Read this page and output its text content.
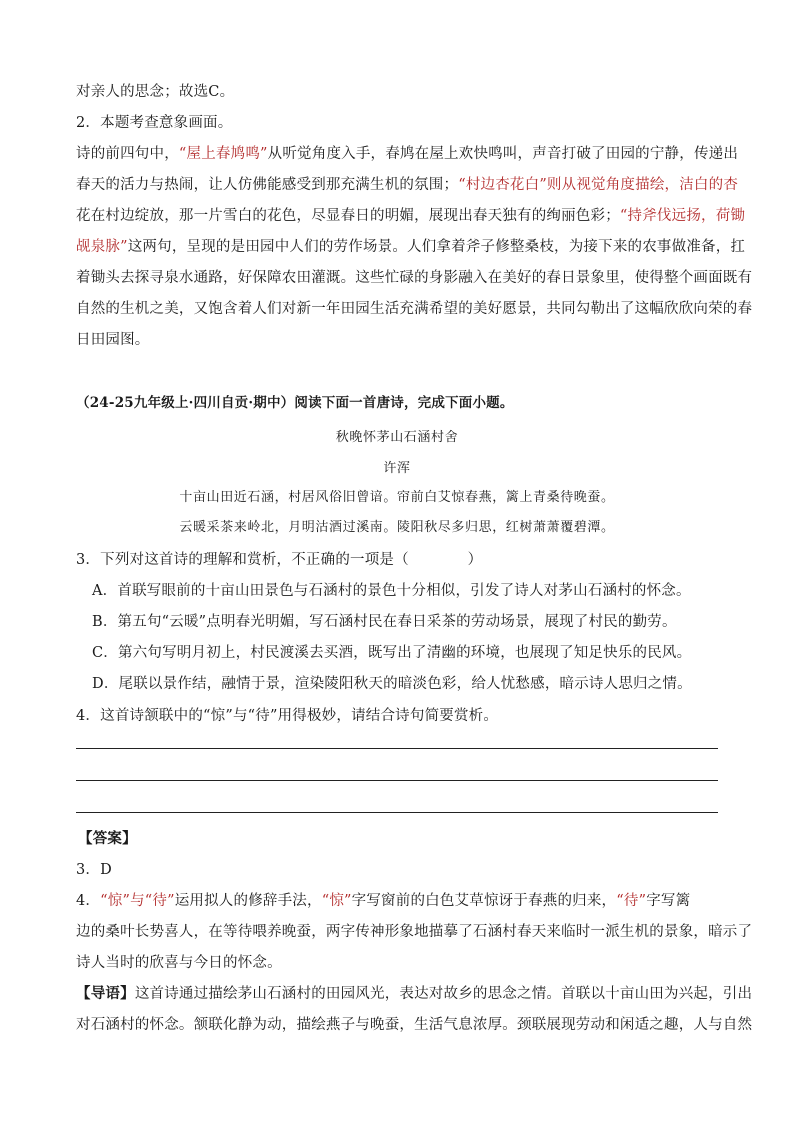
对亲人的思念；故选C。
2．本题考查意象画面。
诗的前四句中，“屋上春鸠鸣”从听觉角度入手，春鸠在屋上欢快鸣叫，声音打破了田园的宁静，传递出
春天的活力与热闹，让人仿佛能感受到那充满生机的氛围；“村边杏花白”则从视觉角度描绘，洁白的杏
花在村边绽放，那一片雪白的花色，尽显春日的明媚，展现出春天独有的绚丽色彩；“持斧伐远扬，荷锄
觇泉脉”这两句，呈现的是田园中人们的劳作场景。人们拿着斧子修整桑枝，为接下来的农事做准备，扛
着锄头去探寻泉水通路，好保障农田灌溉。这些忙碌的身影融入在美好的春日景象里，使得整个画面既有
自然的生机之美，又饱含着人们对新一年田园生活充满希望的美好愿景，共同勾勒出了这幅欣欣向荣的春
日田园图。
（24-25九年级上·四川自贡·期中）阅读下面一首唐诗，完成下面小题。
秋晚怀茅山石涵村舍
许浑
十亩山田近石涵，村居风俗旧曾谙。帘前白艾惊春燕，篱上青桑待晚蚕。
云暖采茶来岭北，月明沽酒过溪南。陵阳秋尽多归思，红树萧萧覆碧潭。
3．下列对这首诗的理解和赏析，不正确的一项是（　　　　）
A．首联写眼前的十亩山田景色与石涵村的景色十分相似，引发了诗人对茅山石涵村的怀念。
B．第五句“云暖”点明春光明媚，写石涵村民在春日采茶的劳动场景，展现了村民的勤劳。
C．第六句写明月初上，村民渡溪去买酒，既写出了清幽的环境，也展现了知足快乐的民风。
D．尾联以景作结，融情于景，渲染陵阳秋天的暗淡色彩，给人忧愁感，暗示诗人思归之情。
4．这首诗颔联中的“惊”与“待”用得极妙，请结合诗句简要赏析。
【答案】
3．D
4．“惊”与“待”运用拟人的修辞手法，“惊”字写窗前的白色艾草惊讶于春燕的归来，“待”字写篱
边的桑叶长势喜人，在等待喂养晚蚕，两字传神形象地描摹了石涵村春天来临时一派生机的景象，暗示了
诗人当时的欣喜与今日的怀念。
【导语】这首诗通过描绘茅山石涵村的田园风光，表达对故乡的思念之情。首联以十亩山田为兴起，引出
对石涵村的怀念。颔联化静为动，描绘燕子与晚蚕，生活气息浓厚。颈联展现劳动和闲适之趣，人与自然
